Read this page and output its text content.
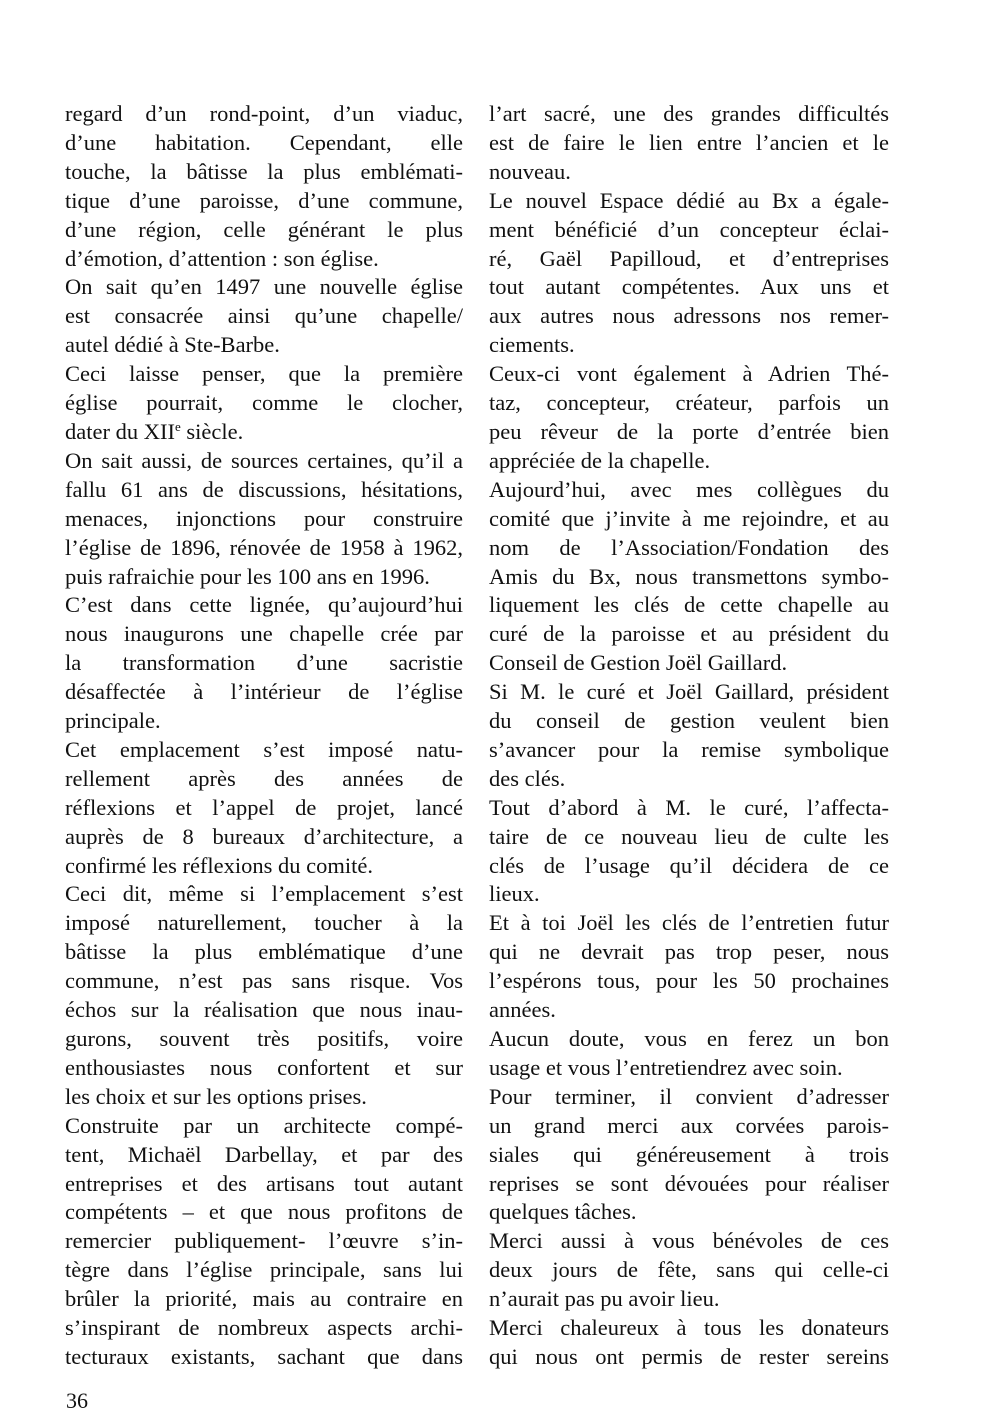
regard d’un rond-point, d’un viaduc,
d’une habitation. Cependant, elle
touche, la bâtisse la plus emblémati-
tique d’une paroisse, d’une commune,
d’une région, celle générant le plus
d’émotion, d’attention : son église.

On sait qu’en 1497 une nouvelle église
est consacrée ainsi qu’une chapelle/
autel dédié à Ste-Barbe.

Ceci laisse penser, que la première
église pourrait, comme le clocher,
dater du XIIe siècle.

On sait aussi, de sources certaines, qu’il a
fallu 61 ans de discussions, hésitations,
menaces, injonctions pour construire
l’église de 1896, rénovée de 1958 à 1962,
puis rafraichie pour les 100 ans en 1996.

C’est dans cette lignée, qu’aujourd’hui
nous inaugurons une chapelle crée par
la transformation d’une sacristie
désaffectée à l’intérieur de l’église
principale.

Cet emplacement s’est imposé natu-
rellement après des années de
réflexions et l’appel de projet, lancé
auprès de 8 bureaux d’architecture, a
confirmé les réflexions du comité.

Ceci dit, même si l’emplacement s’est
imposé naturellement, toucher à la
bâtisse la plus emblématique d’une
commune, n’est pas sans risque. Vos
échos sur la réalisation que nous inau-
gurons, souvent très positifs, voire
enthousiastes nous confortent et sur
les choix et sur les options prises.

Construite par un architecte compé-
tent, Michaël Darbellay, et par des
entreprises et des artisans tout autant
compétents – et que nous profitons de
remercier publiquement- l’œuvre s’in-
tègre dans l’église principale, sans lui
brûler la priorité, mais au contraire en
s’inspirant de nombreux aspects archi-
tecturaux existants, sachant que dans

l’art sacré, une des grandes difficultés
est de faire le lien entre l’ancien et le
nouveau.

Le nouvel Espace dédié au Bx a égale-
ment bénéficié d’un concepteur éclai-
ré, Gaël Papilloud, et d’entreprises
tout autant compétentes. Aux uns et
aux autres nous adressons nos remer-
ciements.

Ceux-ci vont également à Adrien Thé-
taz, concepteur, créateur, parfois un
peu rêveur de la porte d’entrée bien
appréciée de la chapelle.

Aujourd’hui, avec mes collègues du
comité que j’invite à me rejoindre, et au
nom de l’Association/Fondation des
Amis du Bx, nous transmettons symbo-
liquement les clés de cette chapelle au
curé de la paroisse et au président du
Conseil de Gestion Joël Gaillard.

Si M. le curé et Joël Gaillard, président
du conseil de gestion veulent bien
s’avancer pour la remise symbolique
des clés.

Tout d’abord à M. le curé, l’affecta-
taire de ce nouveau lieu de culte les
clés de l’usage qu’il décidera de ce
lieux.

Et à toi Joël les clés de l’entretien futur
qui ne devrait pas trop peser, nous
l’espérons tous, pour les 50 prochaines
années.

Aucun doute, vous en ferez un bon
usage et vous l’entretiendrez avec soin.

Pour terminer, il convient d’adresser
un grand merci aux corvées parois-
siales qui généreusement à trois
reprises se sont dévouées pour réaliser
quelques tâches.

Merci aussi à vous bénévoles de ces
deux jours de fête, sans qui celle-ci
n’aurait pas pu avoir lieu.

Merci chaleureux à tous les donateurs
qui nous ont permis de rester sereins

36
